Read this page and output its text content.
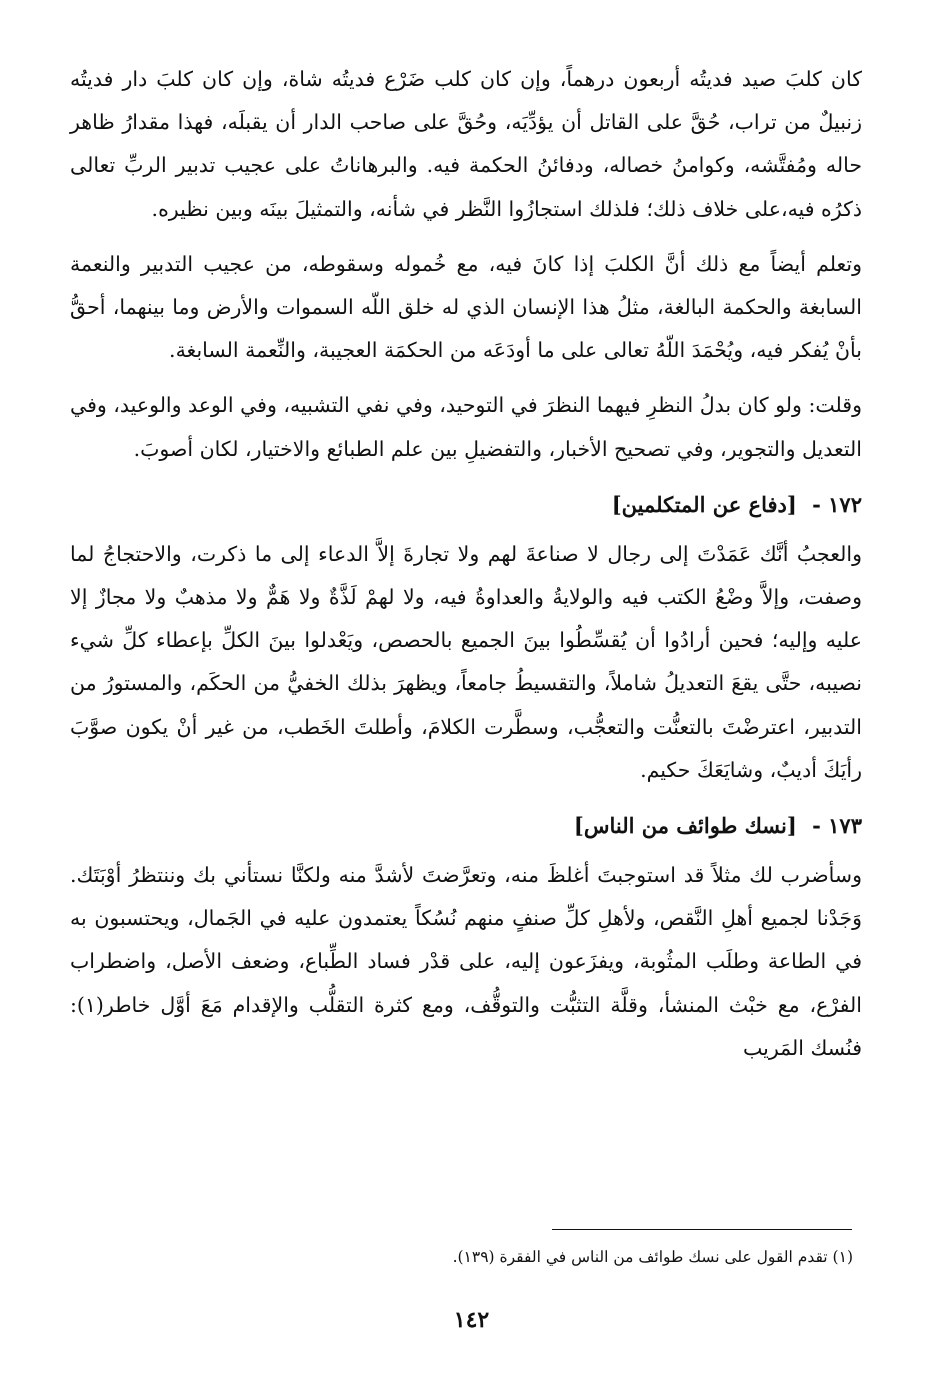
كان كلبَ صيد فديتُه أربعون درهماً، وإن كان كلب ضَرْع فديتُه شاة، وإن كان كلبَ دار فديتُه زنبيلٌ من تراب، حُقَّ على القاتل أن يؤدِّيَه، وحُقَّ على صاحب الدار أن يقبلَه، فهذا مقدارُ ظاهر حاله ومُفتَّشه، وكوامنُ خصاله، ودفائنُ الحكمة فيه. والبرهاناتُ على عجيب تدبير الربِّ تعالى ذكرُه فيه،على خلاف ذلك؛ فلذلك استجازُوا النَّظر في شأنه، والتمثيلَ بينَه وبين نظيره.

وتعلم أيضاً مع ذلك أنَّ الكلبَ إذا كانَ فيه، مع خُموله وسقوطه، من عجيب التدبير والنعمة السابغة والحكمة البالغة، مثلُ هذا الإنسان الذي له خلق اللّه السموات والأرض وما بينهما، أحقُّ بأنْ يُفكر فيه، ويُحْمَدَ اللّهُ تعالى على ما أودَعَه من الحكمَة العجيبة، والنِّعمة السابغة.

وقلت: ولو كان بدلُ النظرِ فيهما النظرَ في التوحيد، وفي نفي التشبيه، وفي الوعد والوعيد، وفي التعديل والتجوير، وفي تصحيح الأخبار، والتفضيلِ بين علم الطبائع والاختيار، لكان أصوبَ.

١٧٢ - [دفاع عن المتكلمين]

والعجبُ أنَّك عَمَدْتَ إلى رجال لا صناعةَ لهم ولا تجارةَ إلاَّ الدعاء إلى ما ذكرت، والاحتجاجُ لما وصفت، وإلاَّ وضْعُ الكتب فيه والولايةُ والعداوةُ فيه، ولا لهمْ لَذَّةٌ ولا هَمٌّ ولا مذهبٌ ولا مجازٌ إلا عليه وإليه؛ فحين أرادُوا أن يُقسِّطُوا بينَ الجميع بالحصص، ويَعْدلوا بينَ الكلِّ بإعطاء كلِّ شيء نصيبه، حتَّى يقعَ التعديلُ شاملاً، والتقسيطُ جامعاً، ويظهرَ بذلك الخفيُّ من الحكَم، والمستورُ من التدبير، اعترضْتَ بالتعنُّت والتعجُّب، وسطَّرت الكلامَ، وأطلتَ الخَطب، من غير أنْ يكون صوَّبَ رأيَكَ أديبٌ، وشايَعَكَ حكيم.

١٧٣ - [نسك طوائف من الناس]

وسأضرب لك مثلاً قد استوجبتَ أغلظَ منه، وتعرَّضتَ لأشدَّ منه ولكنَّا نستأني بك وننتظرُ أوْبَتَك. وَجَدْنا لجميع أهلِ النَّقص، ولأهلِ كلِّ صنفٍ منهم نُسُكاً يعتمدون عليه في الجَمال، ويحتسبون به في الطاعة وطلَب المثُوبة، ويفزَعون إليه، على قدْر فساد الطِّباع، وضعف الأصل، واضطراب الفرْع، مع خبْث المنشأ، وقلَّة التثبُّت والتوقُّف، ومع كثرة التقلُّب والإقدام مَعَ أوَّل خاطر(١): فنُسك المَريب

(١) تقدم القول على نسك طوائف من الناس في الفقرة (١٣٩).
١٤٢
